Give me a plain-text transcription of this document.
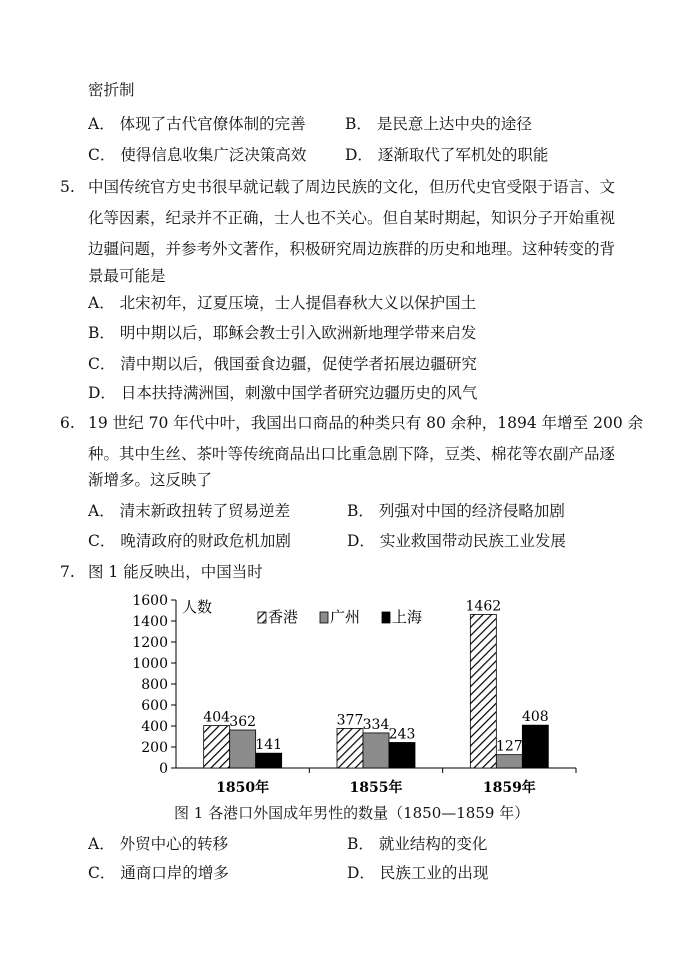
密折制
A． 体现了古代官僚体制的完善	B． 是民意上达中央的途径
C． 使得信息收集广泛决策高效 D． 逐渐取代了军机处的职能
5. 中国传统官方史书很早就记载了周边民族的文化，但历代史官受限于语言、文
化等因素，纪录并不正确，士人也不关心。但自某时期起，知识分子开始重视
边疆问题，并参考外文著作，积极研究周边族群的历史和地理。这种转变的背
景最可能是
A． 北宋初年，辽夏压境，士人提倡春秋大义以保护国土
B． 明中期以后，耶稣会教士引入欧洲新地理学带来启发
C． 清中期以后，俄国蚕食边疆，促使学者拓展边疆研究
D． 日本扶持满洲国，刺激中国学者研究边疆历史的风气
6. 19 世纪 70 年代中叶，我国出口商品的种类只有 80 余种，1894 年增至 200 余
种。其中生丝、茶叶等传统商品出口比重急剧下降，豆类、棉花等农副产品逐
渐增多。这反映了
A． 清末新政扭转了贸易逆差	B． 列强对中国的经济侵略加剧
C． 晚清政府的财政危机加剧	D． 实业救国带动民族工业发展
7. 图 1 能反映出，中国当时
0
200
400
600
800
1000
1200
1400
1600 人数
404 362
141
1850年
377 334
243
1855年
1462
127
408
1859年
香港 广州 上海
图 1 各港口外国成年男性的数量（1850—1859 年）
A． 外贸中心的转移	B． 就业结构的变化
C． 通商口岸的增多	D． 民族工业的出现
